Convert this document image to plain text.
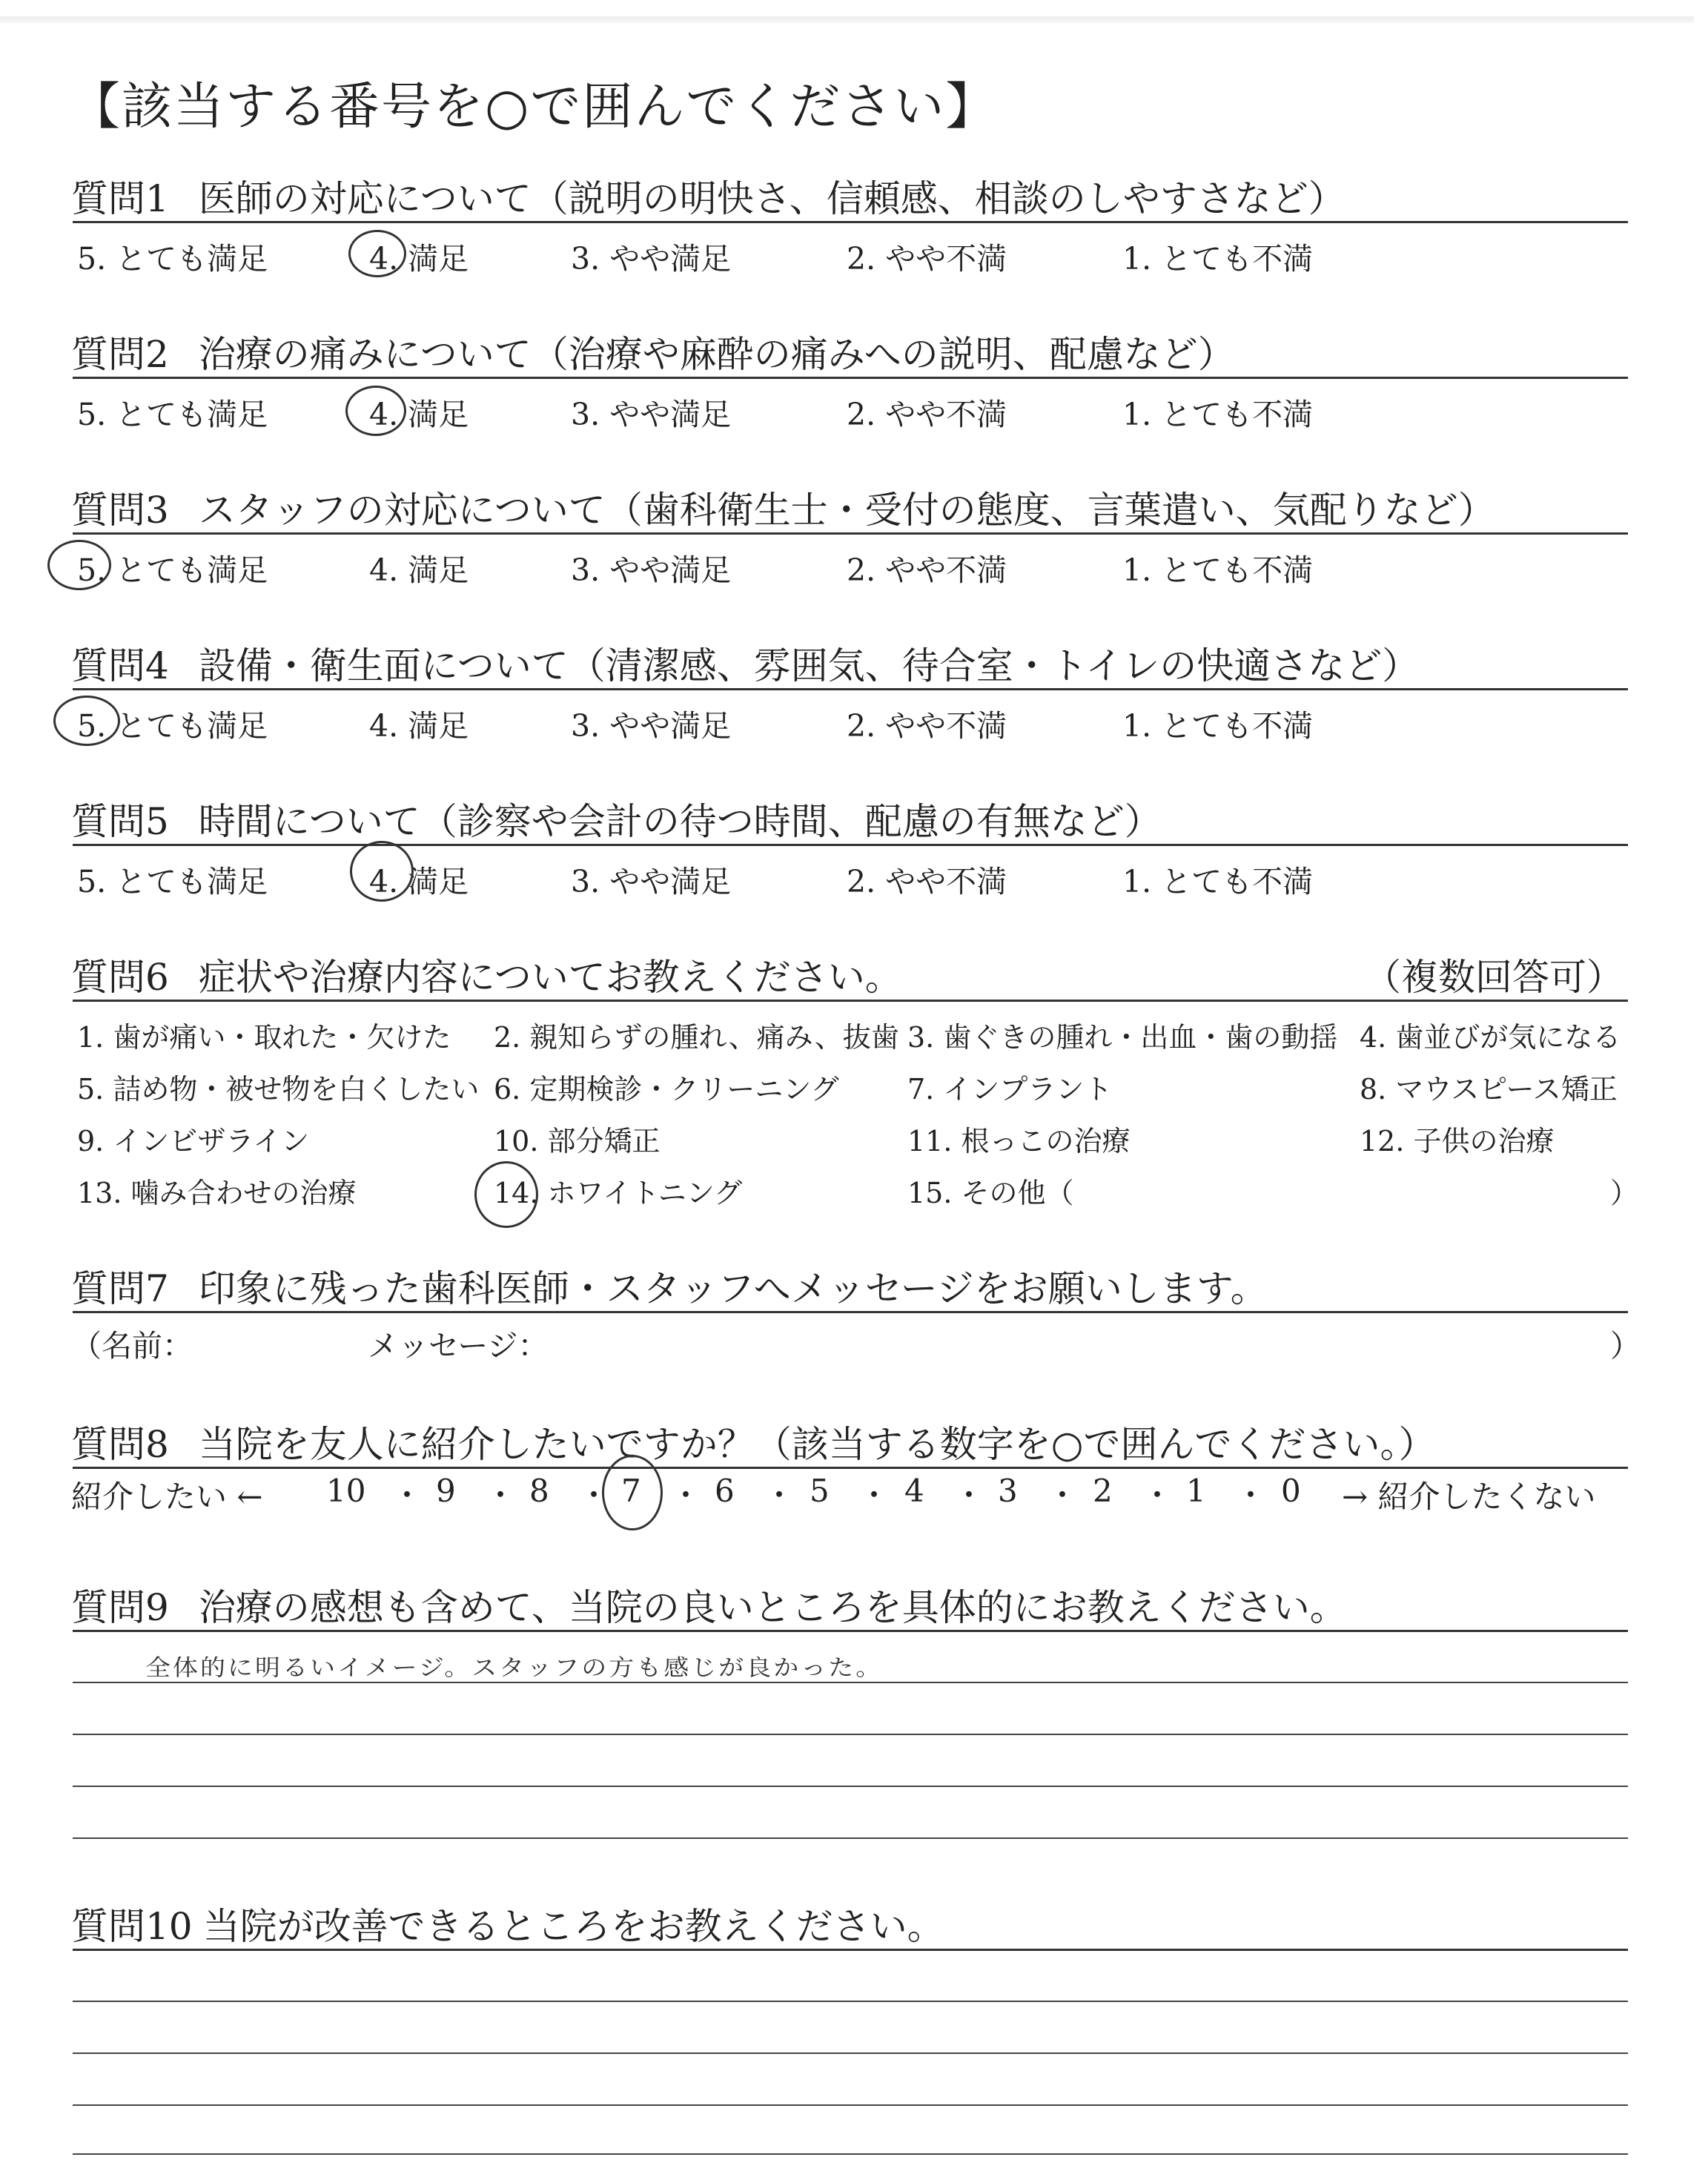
【該当する番号を○で囲んでください】
質問1 医師の対応について（説明の明快さ、信頼感、相談のしやすさなど）
5. とても満足	4. 満足	3. やや満足	2. やや不満	1. とても不満
質問2 治療の痛みについて（治療や麻酔の痛みへの説明、配慮など）
5. とても満足	4. 満足	3. やや満足	2. やや不満	1. とても不満
質問3 スタッフの対応について（歯科衛生士・受付の態度、言葉遣い、気配りなど）
5. とても満足	4. 満足	3. やや満足	2. やや不満	1. とても不満
質問4 設備・衛生面について（清潔感、雰囲気、待合室・トイレの快適さなど）
5. とても満足	4. 満足	3. やや満足	2. やや不満	1. とても不満
質問5 時間について（診察や会計の待つ時間、配慮の有無など）
5. とても満足	4. 満足	3. やや満足	2. やや不満	1. とても不満
質問6 症状や治療内容についてお教えください。	（複数回答可）
1. 歯が痛い・取れた・欠けた 2. 親知らずの腫れ、痛み、抜歯 3. 歯ぐきの腫れ・出血・歯の動揺 4. 歯並びが気になる
5. 詰め物・被せ物を白くしたい 6. 定期検診・クリーニング 7. インプラント	8. マウスピース矯正
9. インビザライン	10. 部分矯正	11. 根っこの治療	12. 子供の治療
13. 噛み合わせの治療	14. ホワイトニング	15. その他（	）
質問7 印象に残った歯科医師・スタッフへメッセージをお願いします。
（名前：	メッセージ：	）
質問8 当院を友人に紹介したいですか？（該当する数字を○で囲んでください。）
紹介したい ←	→ 紹介したくない
10 ・ 9 ・ 8 ・ 7 ・ 6 ・ 5 ・ 4 ・ 3 ・ 2 ・ 1 ・ 0
質問9 治療の感想も含めて、当院の良いところを具体的にお教えください。
全体的に明るいイメージ。スタッフの方も感じが良かった。
質問10 当院が改善できるところをお教えください。
